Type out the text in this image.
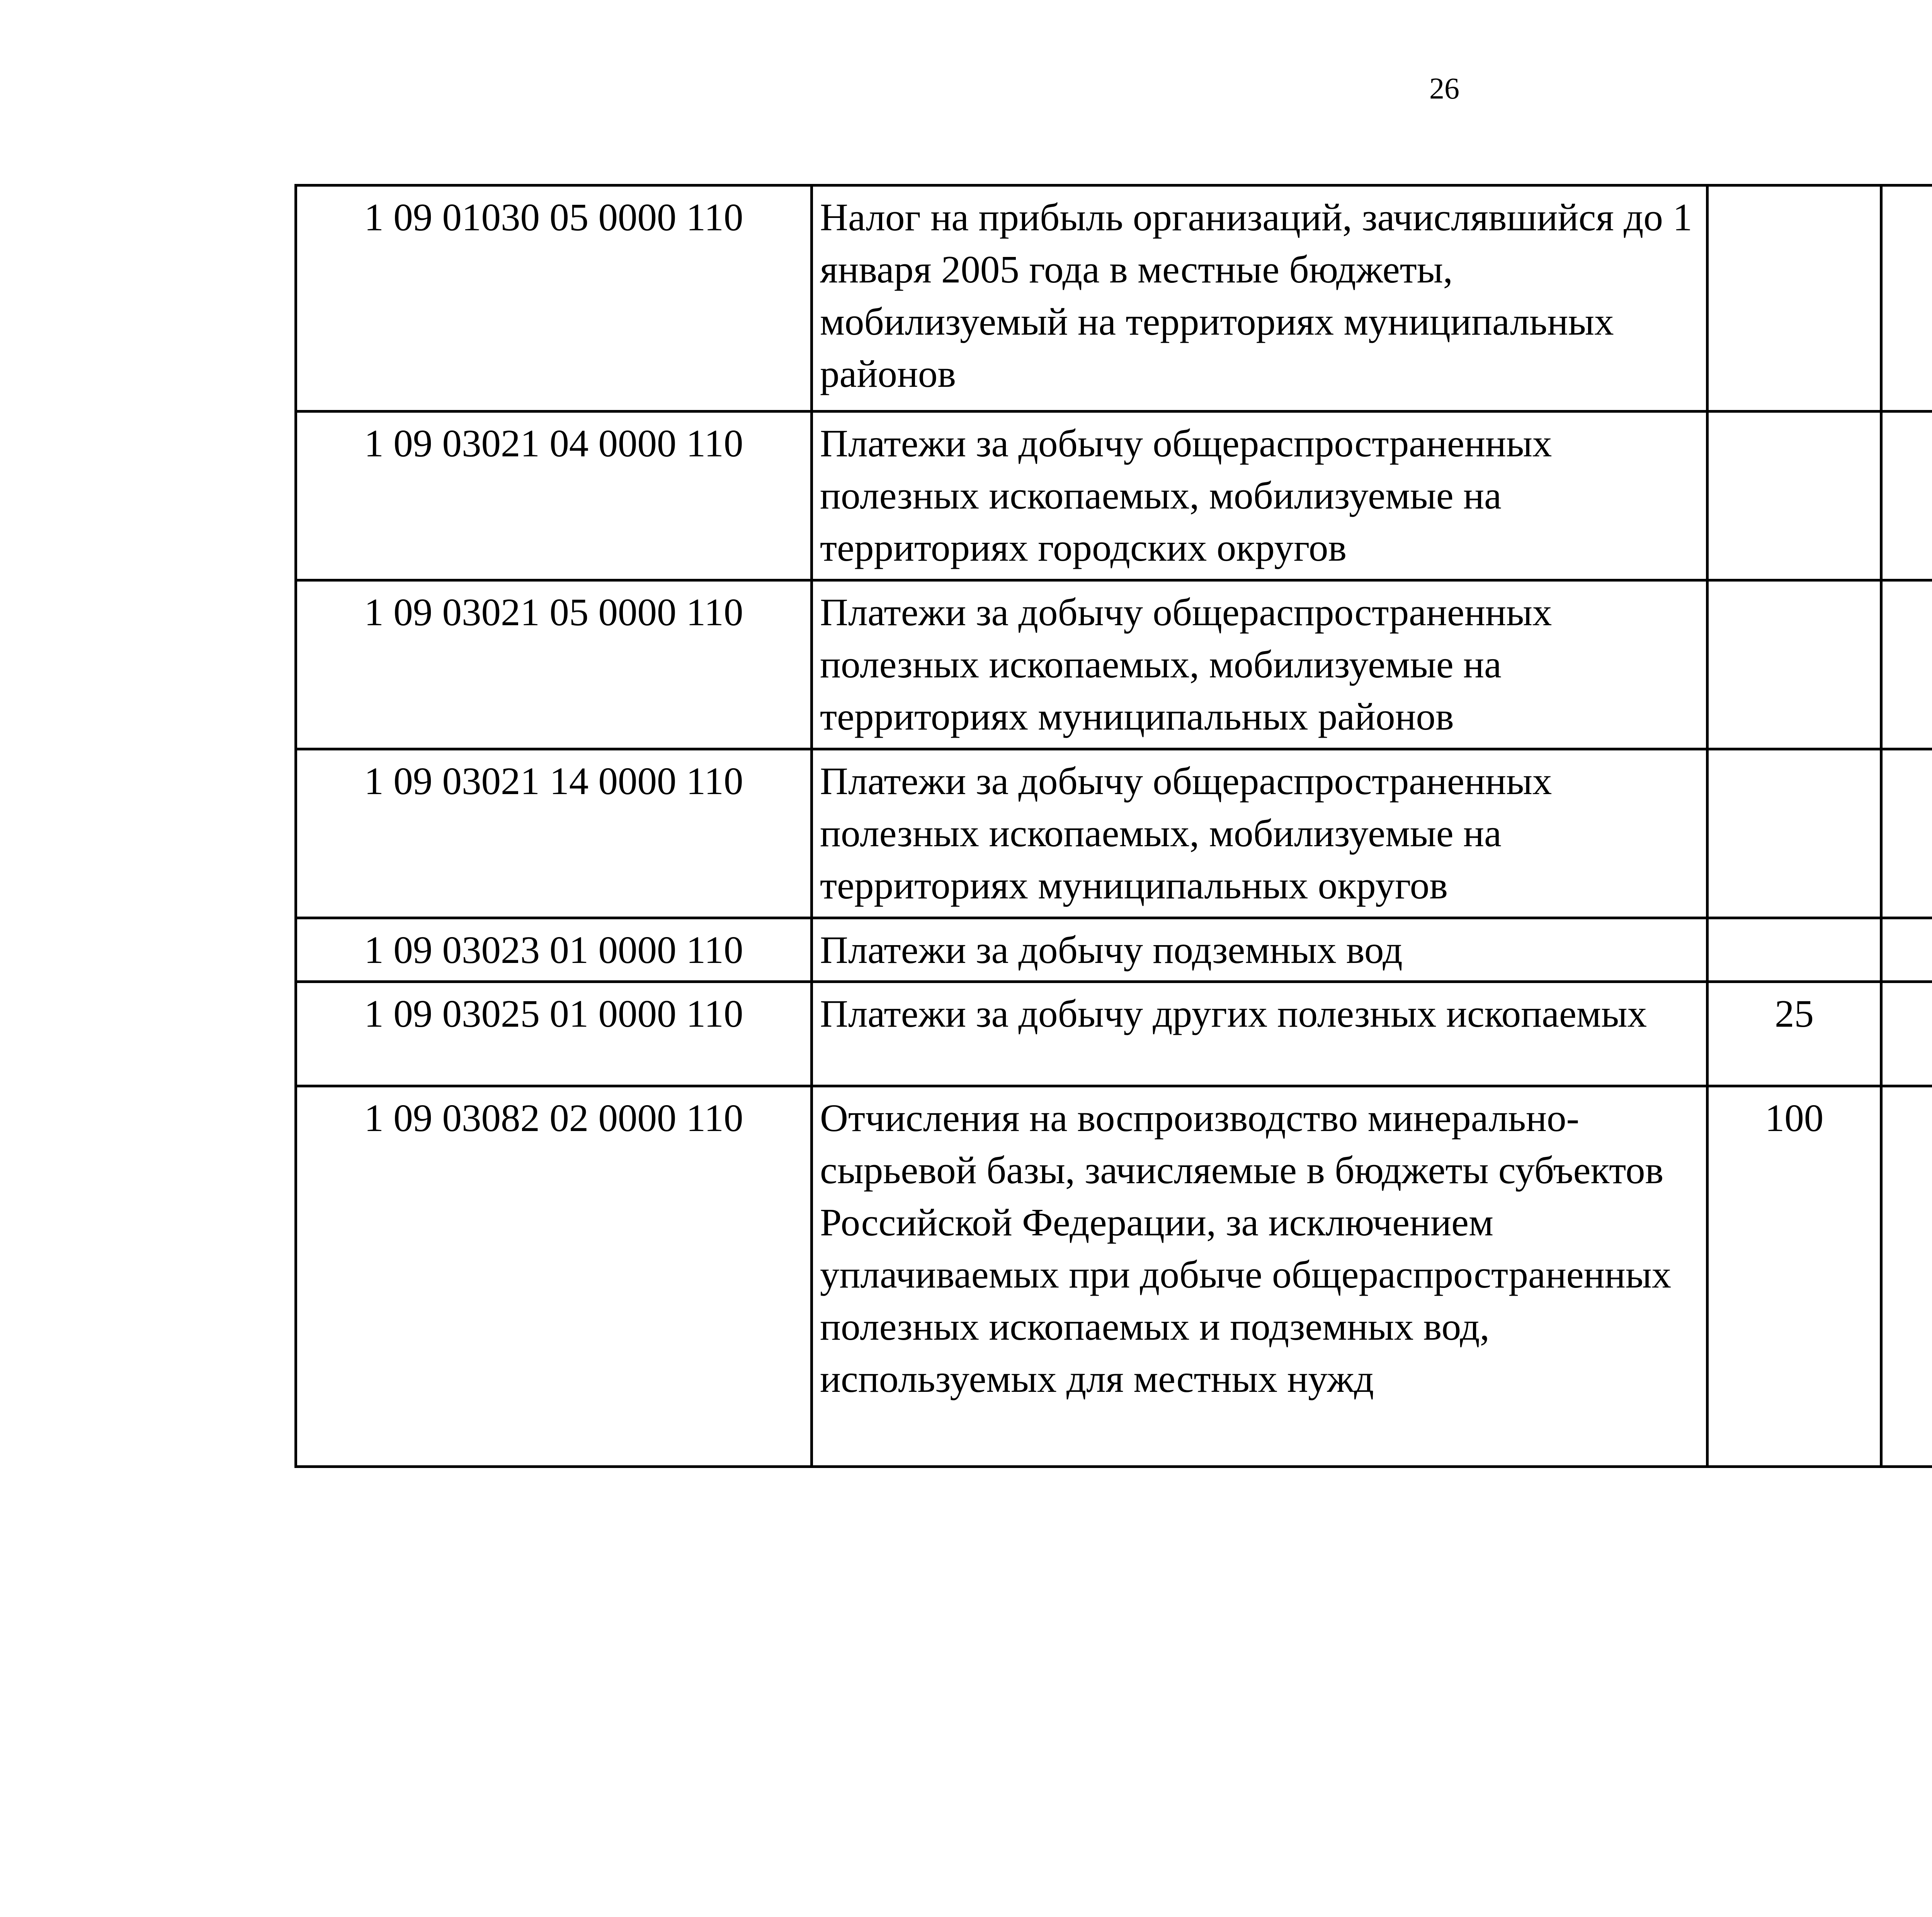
26
1 09 01030 05 0000 110	Налог на прибыль организаций, зачислявшийся до 1 января 2005 года в местные бюджеты, мобилизуемый на территориях муниципальных районов					
1 09 03021 04 0000 110	Платежи за добычу общераспространенных полезных ископаемых, мобилизуемые на территориях городских округов					
1 09 03021 05 0000 110	Платежи за добычу общераспространенных полезных ископаемых, мобилизуемые на территориях муниципальных районов					
1 09 03021 14 0000 110	Платежи за добычу общераспространенных полезных ископаемых, мобилизуемые на территориях муниципальных округов					
1 09 03023 01 0000 110	Платежи за добычу подземных вод					
1 09 03025 01 0000 110	Платежи за добычу других полезных ископаемых	25				
1 09 03082 02 0000 110	Отчисления на воспроизводство минерально-сырьевой базы, зачисляемые в бюджеты субъектов Российской Федерации, за исключением уплачиваемых при добыче общераспространенных полезных ископаемых и подземных вод, используемых для местных нужд	100				
